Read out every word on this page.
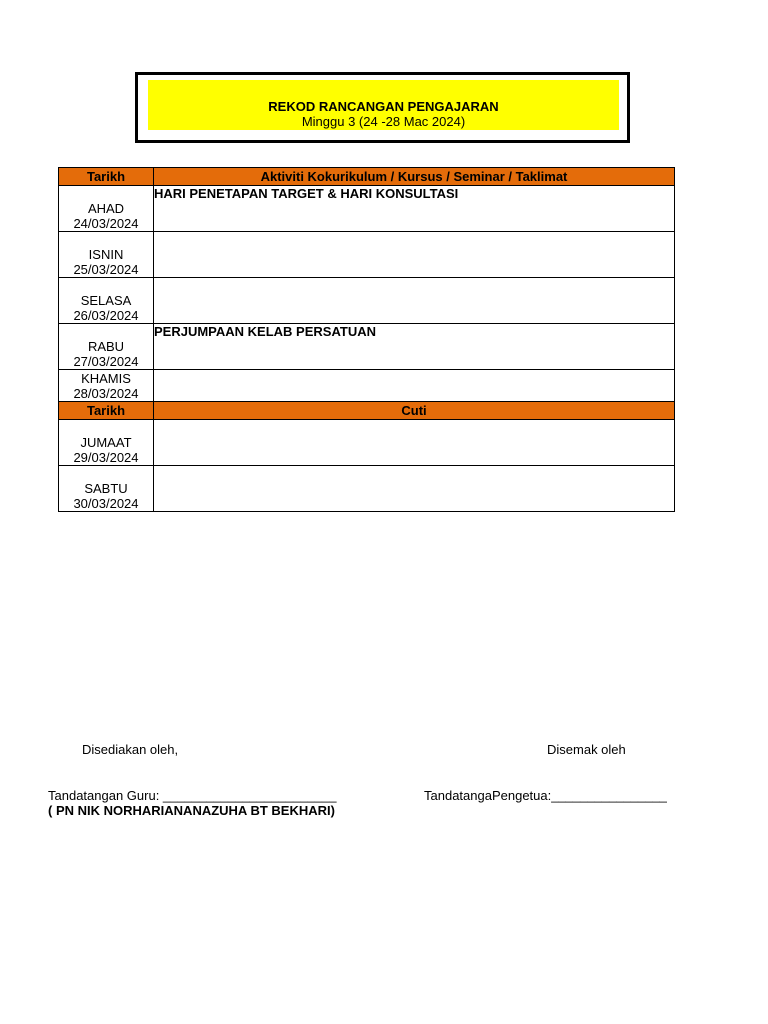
REKOD RANCANGAN PENGAJARAN
Minggu 3 (24 -28 Mac 2024)
Tarikh	Aktiviti Kokurikulum / Kursus / Seminar / Taklimat

AHAD
24/03/2024	HARI PENETAPAN TARGET & HARI KONSULTASI

ISNIN
25/03/2024	

SELASA
26/03/2024	

RABU
27/03/2024	PERJUMPAAN KELAB PERSATUAN

KHAMIS
28/03/2024	

Tarikh	Cuti

JUMAAT
29/03/2024	

SABTU
30/03/2024	

Disediakan oleh,	Disemak oleh
Tandatangan Guru: ________________________	TandatangaPengetua:________________
( PN NIK NORHARIANANAZUHA BT BEKHARI)
